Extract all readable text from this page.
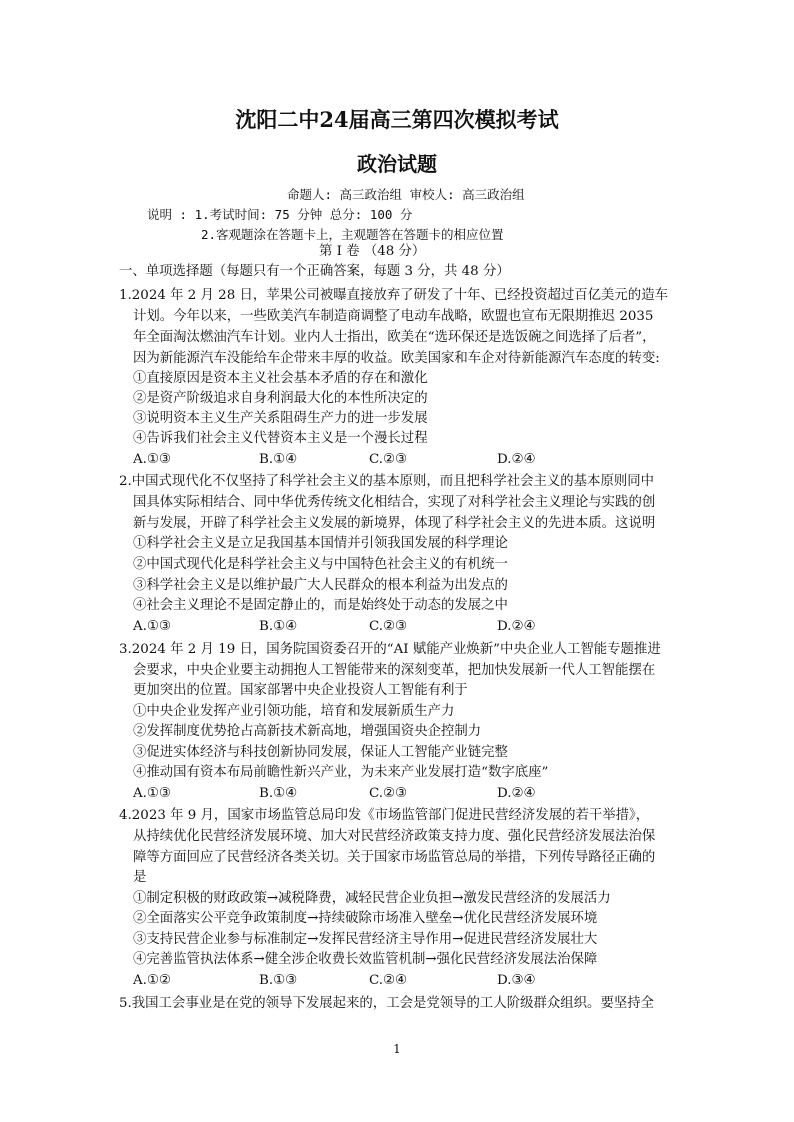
沈阳二中24届高三第四次模拟考试
政治试题
命题人: 高三政治组 审校人: 高三政治组
说明 : 1.考试时间: 75 分钟 总分: 100 分
2.客观题涂在答题卡上，主观题答在答题卡的相应位置
第 Ⅰ 卷 （48 分）
一、单项选择题（每题只有一个正确答案，每题 3 分，共 48 分）
1.2024 年 2 月 28 日，苹果公司被曝直接放弃了研发了十年、已经投资超过百亿美元的造车
计划。今年以来，一些欧美汽车制造商调整了电动车战略，欧盟也宣布无限期推迟 2035
年全面淘汰燃油汽车计划。业内人士指出，欧美在“选环保还是选饭碗之间选择了后者”，
因为新能源汽车没能给车企带来丰厚的收益。欧美国家和车企对待新能源汽车态度的转变:
①直接原因是资本主义社会基本矛盾的存在和激化
②是资产阶级追求自身利润最大化的本性所决定的
③说明资本主义生产关系阻碍生产力的进一步发展
④告诉我们社会主义代替资本主义是一个漫长过程
A.①③	B.①④	C.②③	D.②④
2.中国式现代化不仅坚持了科学社会主义的基本原则，而且把科学社会主义的基本原则同中
国具体实际相结合、同中华优秀传统文化相结合，实现了对科学社会主义理论与实践的创
新与发展，开辟了科学社会主义发展的新境界，体现了科学社会主义的先进本质。这说明
①科学社会主义是立足我国基本国情并引领我国发展的科学理论
②中国式现代化是科学社会主义与中国特色社会主义的有机统一
③科学社会主义是以维护最广大人民群众的根本利益为出发点的
④社会主义理论不是固定静止的，而是始终处于动态的发展之中
A.①③	B.①④	C.②③	D.②④
3.2024 年 2 月 19 日，国务院国资委召开的“AI 赋能产业焕新”中央企业人工智能专题推进
会要求，中央企业要主动拥抱人工智能带来的深刻变革，把加快发展新一代人工智能摆在
更加突出的位置。国家部署中央企业投资人工智能有利于
①中央企业发挥产业引领功能，培育和发展新质生产力
②发挥制度优势抢占高新技术新高地，增强国资央企控制力
③促进实体经济与科技创新协同发展，保证人工智能产业链完整
④推动国有资本布局前瞻性新兴产业，为未来产业发展打造“数字底座”
A.①③	B.①④	C.②③	D.②④
4.2023 年 9 月，国家市场监管总局印发《市场监管部门促进民营经济发展的若干举措》，
从持续优化民营经济发展环境、加大对民营经济政策支持力度、强化民营经济发展法治保
障等方面回应了民营经济各类关切。关于国家市场监管总局的举措，下列传导路径正确的
是
①制定积极的财政政策→减税降费，减轻民营企业负担→激发民营经济的发展活力
②全面落实公平竞争政策制度→持续破除市场准入壁垒→优化民营经济发展环境
③支持民营企业参与标准制定→发挥民营经济主导作用→促进民营经济发展壮大
④完善监管执法体系→健全涉企收费长效监管机制→强化民营经济发展法治保障
A.①②	B.①③	C.②④	D.③④
5.我国工会事业是在党的领导下发展起来的，工会是党领导的工人阶级群众组织。要坚持全
1
